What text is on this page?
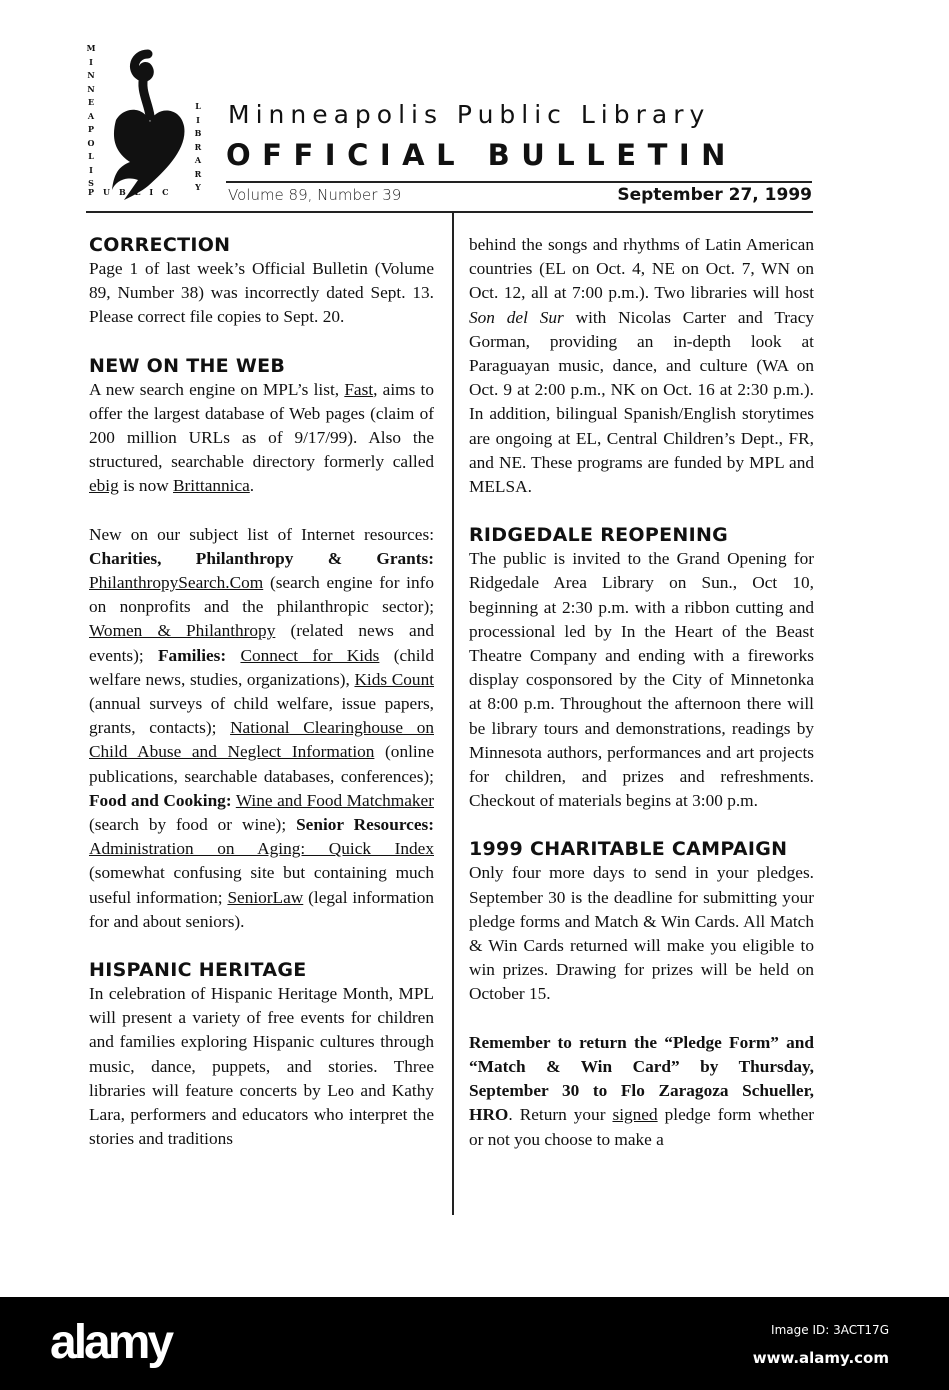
M
I
N
N
E
A
P
O
L
I
S
PUBLIC
L
I
B
R
A
R
Y
Minneapolis Public Library
OFFICIAL BULLETIN
Volume 89, Number 39	September 27, 1999
CORRECTION

Page 1 of last week’s Official Bulletin (Volume 89, Number 38) was incorrectly dated Sept. 13. Please correct file copies to Sept. 20.

NEW ON THE WEB

A new search engine on MPL’s list, Fast, aims to offer the largest database of Web pages (claim of 200 million URLs as of 9/17/99). Also the structured, searchable directory formerly called ebig is now Brittannica.

New on our subject list of Internet resources: Charities, Philanthropy & Grants: PhilanthropySearch.Com (search engine for info on nonprofits and the philanthropic sector); Women & Philanthropy (related news and events); Families: Connect for Kids (child welfare news, studies, organizations), Kids Count (annual surveys of child welfare, issue papers, grants, contacts); National Clearinghouse on Child Abuse and Neglect Information (online publications, searchable databases, conferences); Food and Cooking: Wine and Food Matchmaker (search by food or wine); Senior Resources: Administration on Aging: Quick Index (somewhat confusing site but containing much useful information; SeniorLaw (legal information for and about seniors).

HISPANIC HERITAGE

In celebration of Hispanic Heritage Month, MPL will present a variety of free events for children and families exploring Hispanic cultures through music, dance, puppets, and stories. Three libraries will feature concerts by Leo and Kathy Lara, performers and educators who interpret the stories and traditions

behind the songs and rhythms of Latin American countries (EL on Oct. 4, NE on Oct. 7, WN on Oct. 12, all at 7:00 p.m.). Two libraries will host Son del Sur with Nicolas Carter and Tracy Gorman, providing an in-depth look at Paraguayan music, dance, and culture (WA on Oct. 9 at 2:00 p.m., NK on Oct. 16 at 2:30 p.m.). In addition, bilingual Spanish/English storytimes are ongoing at EL, Central Children’s Dept., FR, and NE. These programs are funded by MPL and MELSA.

RIDGEDALE REOPENING

The public is invited to the Grand Opening for Ridgedale Area Library on Sun., Oct 10, beginning at 2:30 p.m. with a ribbon cutting and processional led by In the Heart of the Beast Theatre Company and ending with a fireworks display cosponsored by the City of Minnetonka at 8:00 p.m. Throughout the afternoon there will be library tours and demonstrations, readings by Minnesota authors, performances and art projects for children, and prizes and refreshments. Checkout of materials begins at 3:00 p.m.

1999 CHARITABLE CAMPAIGN

Only four more days to send in your pledges. September 30 is the deadline for submitting your pledge forms and Match & Win Cards. All Match & Win Cards returned will make you eligible to win prizes. Drawing for prizes will be held on October 15.

Remember to return the “Pledge Form” and “Match & Win Card” by Thursday, September 30 to Flo Zaragoza Schueller, HRO. Return your signed pledge form whether or not you choose to make a

alamy	Image ID: 3ACT17G
www.alamy.com
